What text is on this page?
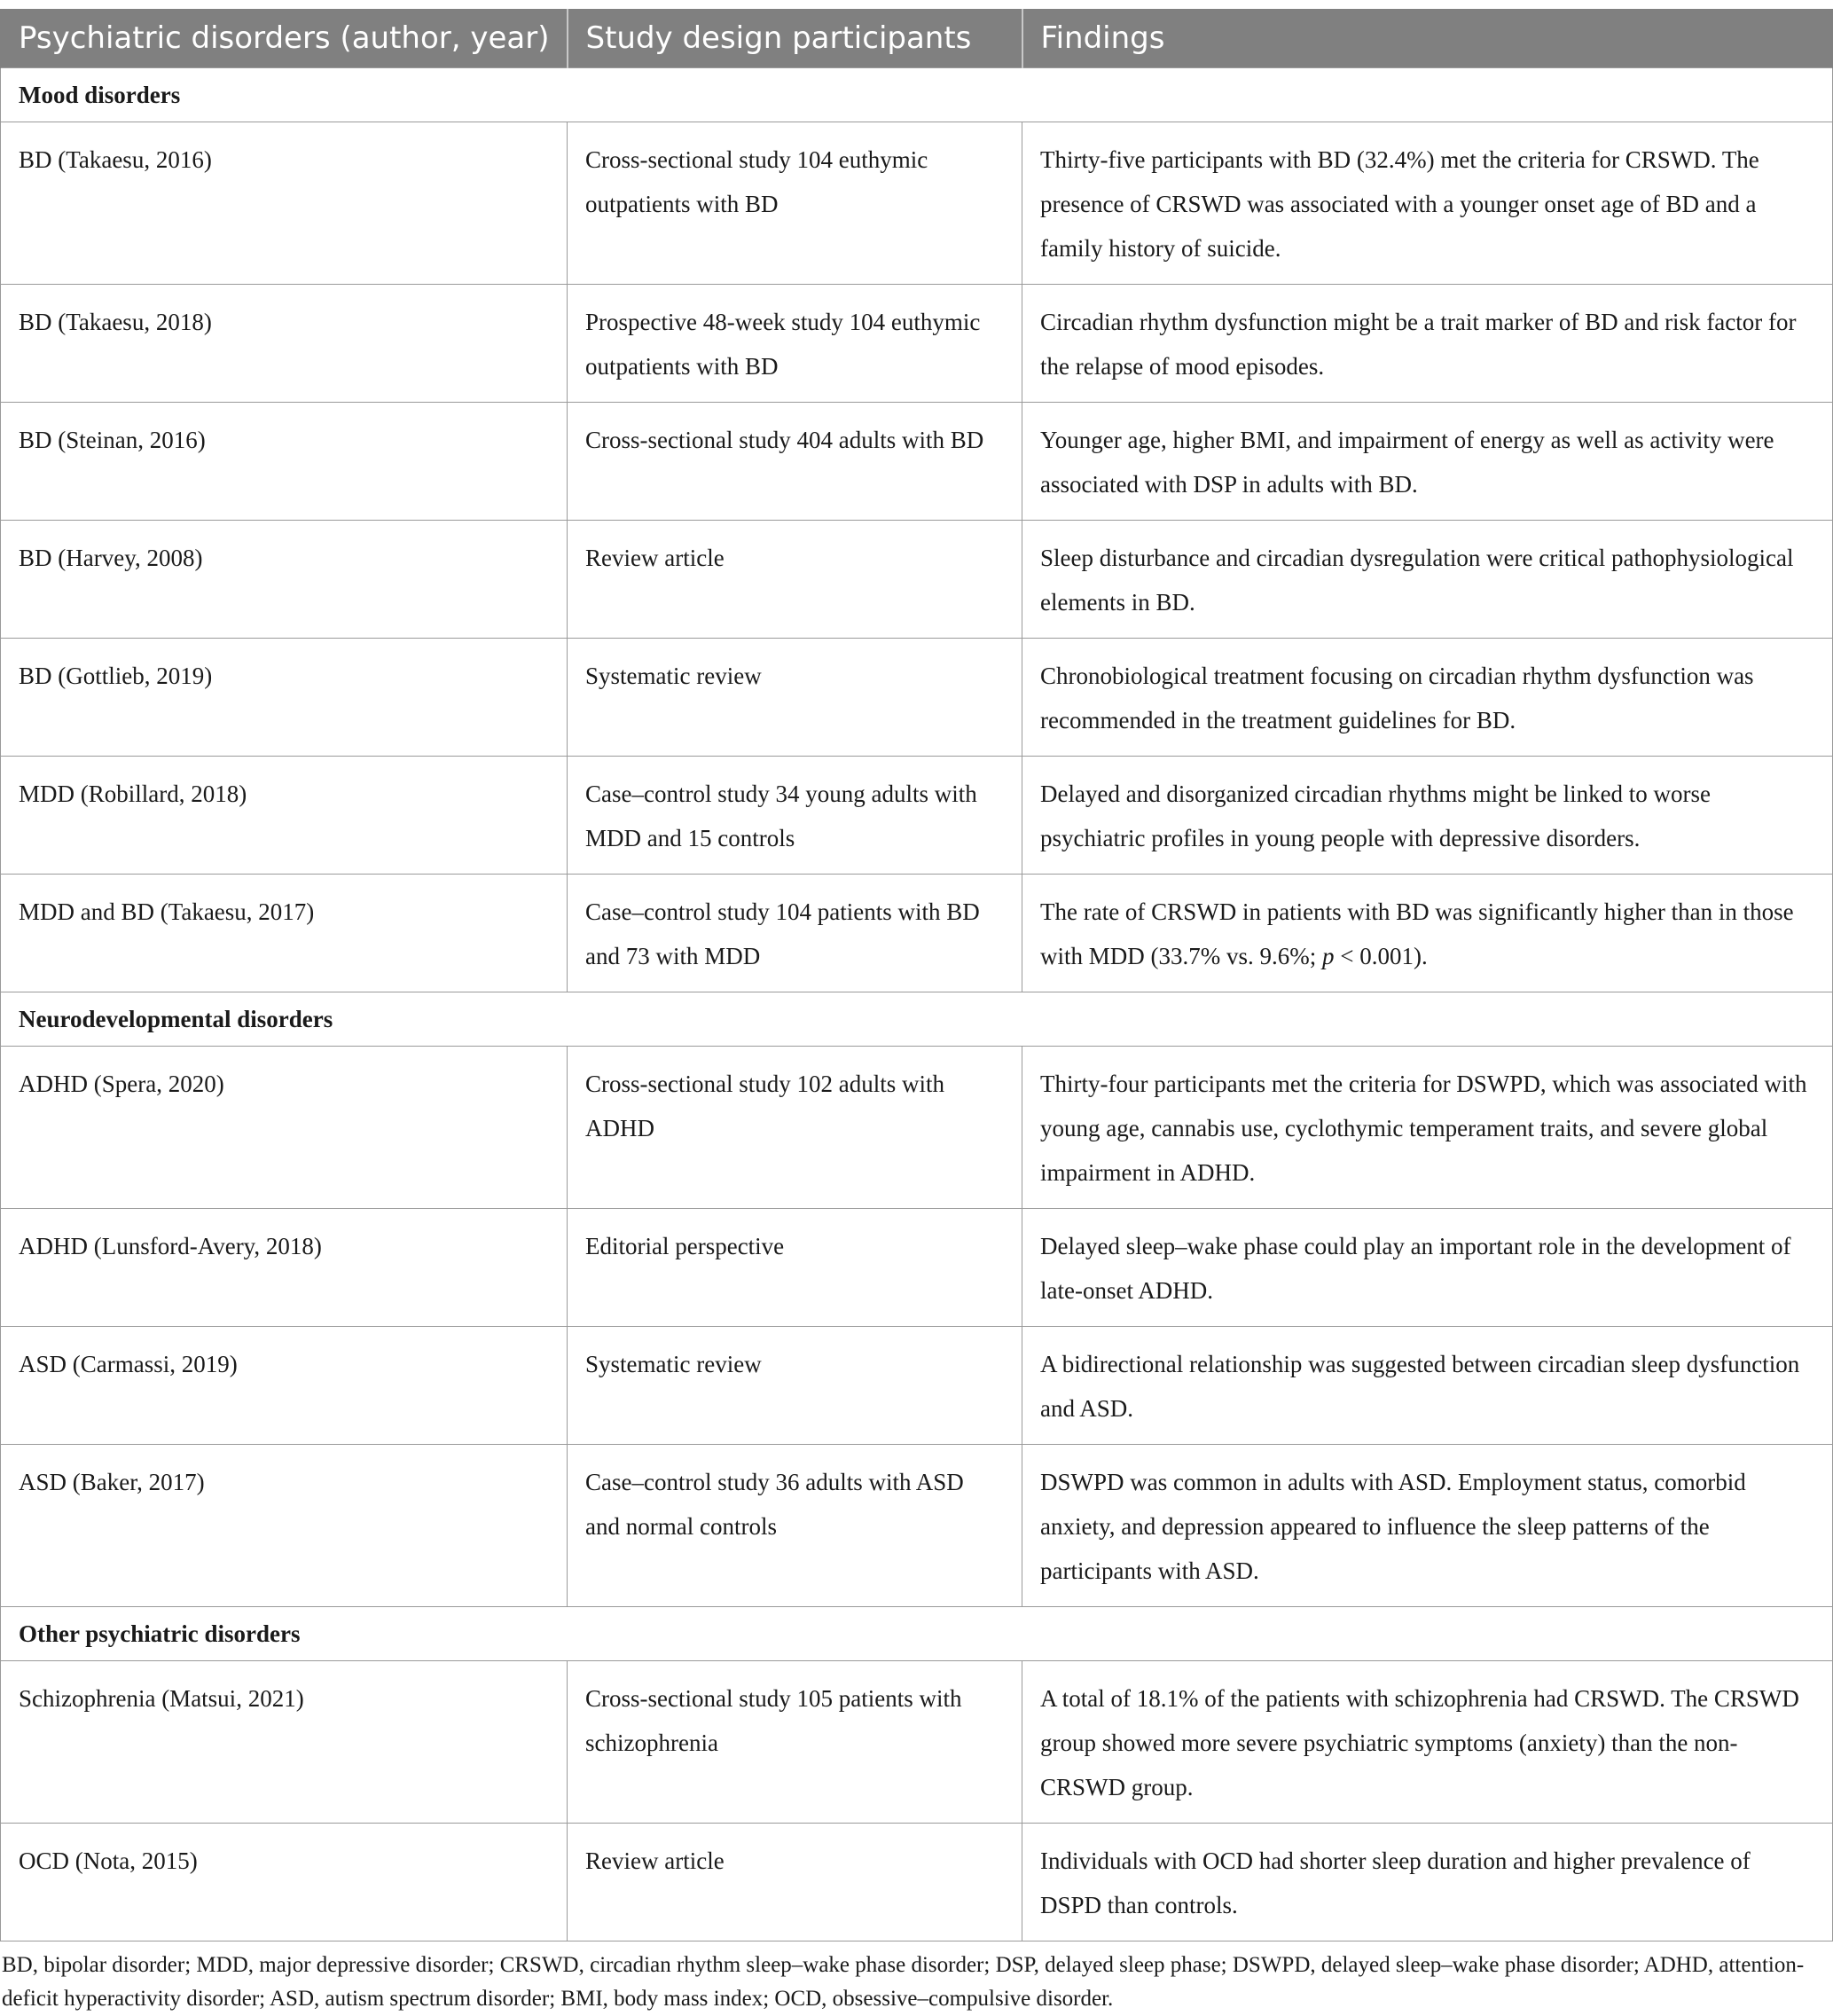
Psychiatric disorders (author, year)	Study design participants	Findings
Mood disorders		
BD (Takaesu, 2016)	Cross-sectional study 104 euthymic outpatients with BD	Thirty-five participants with BD (32.4%) met the criteria for CRSWD. The presence of CRSWD was associated with a younger onset age of BD and a family history of suicide.
BD (Takaesu, 2018)	Prospective 48-week study 104 euthymic outpatients with BD	Circadian rhythm dysfunction might be a trait marker of BD and risk factor for the relapse of mood episodes.
BD (Steinan, 2016)	Cross-sectional study 404 adults with BD	Younger age, higher BMI, and impairment of energy as well as activity were associated with DSP in adults with BD.
BD (Harvey, 2008)	Review article	Sleep disturbance and circadian dysregulation were critical pathophysiological elements in BD.
BD (Gottlieb, 2019)	Systematic review	Chronobiological treatment focusing on circadian rhythm dysfunction was recommended in the treatment guidelines for BD.
MDD (Robillard, 2018)	Case–control study 34 young adults with MDD and 15 controls	Delayed and disorganized circadian rhythms might be linked to worse psychiatric profiles in young people with depressive disorders.
MDD and BD (Takaesu, 2017)	Case–control study 104 patients with BD and 73 with MDD	The rate of CRSWD in patients with BD was significantly higher than in those with MDD (33.7% vs. 9.6%; p < 0.001).
Neurodevelopmental disorders		
ADHD (Spera, 2020)	Cross-sectional study 102 adults with ADHD	Thirty-four participants met the criteria for DSWPD, which was associated with young age, cannabis use, cyclothymic temperament traits, and severe global impairment in ADHD.
ADHD (Lunsford-Avery, 2018)	Editorial perspective	Delayed sleep–wake phase could play an important role in the development of late-onset ADHD.
ASD (Carmassi, 2019)	Systematic review	A bidirectional relationship was suggested between circadian sleep dysfunction and ASD.
ASD (Baker, 2017)	Case–control study 36 adults with ASD and normal controls	DSWPD was common in adults with ASD. Employment status, comorbid anxiety, and depression appeared to influence the sleep patterns of the participants with ASD.
Other psychiatric disorders		
Schizophrenia (Matsui, 2021)	Cross-sectional study 105 patients with schizophrenia	A total of 18.1% of the patients with schizophrenia had CRSWD. The CRSWD group showed more severe psychiatric symptoms (anxiety) than the non-CRSWD group.
OCD (Nota, 2015)	Review article	Individuals with OCD had shorter sleep duration and higher prevalence of DSPD than controls.
BD, bipolar disorder; MDD, major depressive disorder; CRSWD, circadian rhythm sleep–wake phase disorder; DSP, delayed sleep phase; DSWPD, delayed sleep–wake phase disorder; ADHD, attention-deficit hyperactivity disorder; ASD, autism spectrum disorder; BMI, body mass index; OCD, obsessive–compulsive disorder.
